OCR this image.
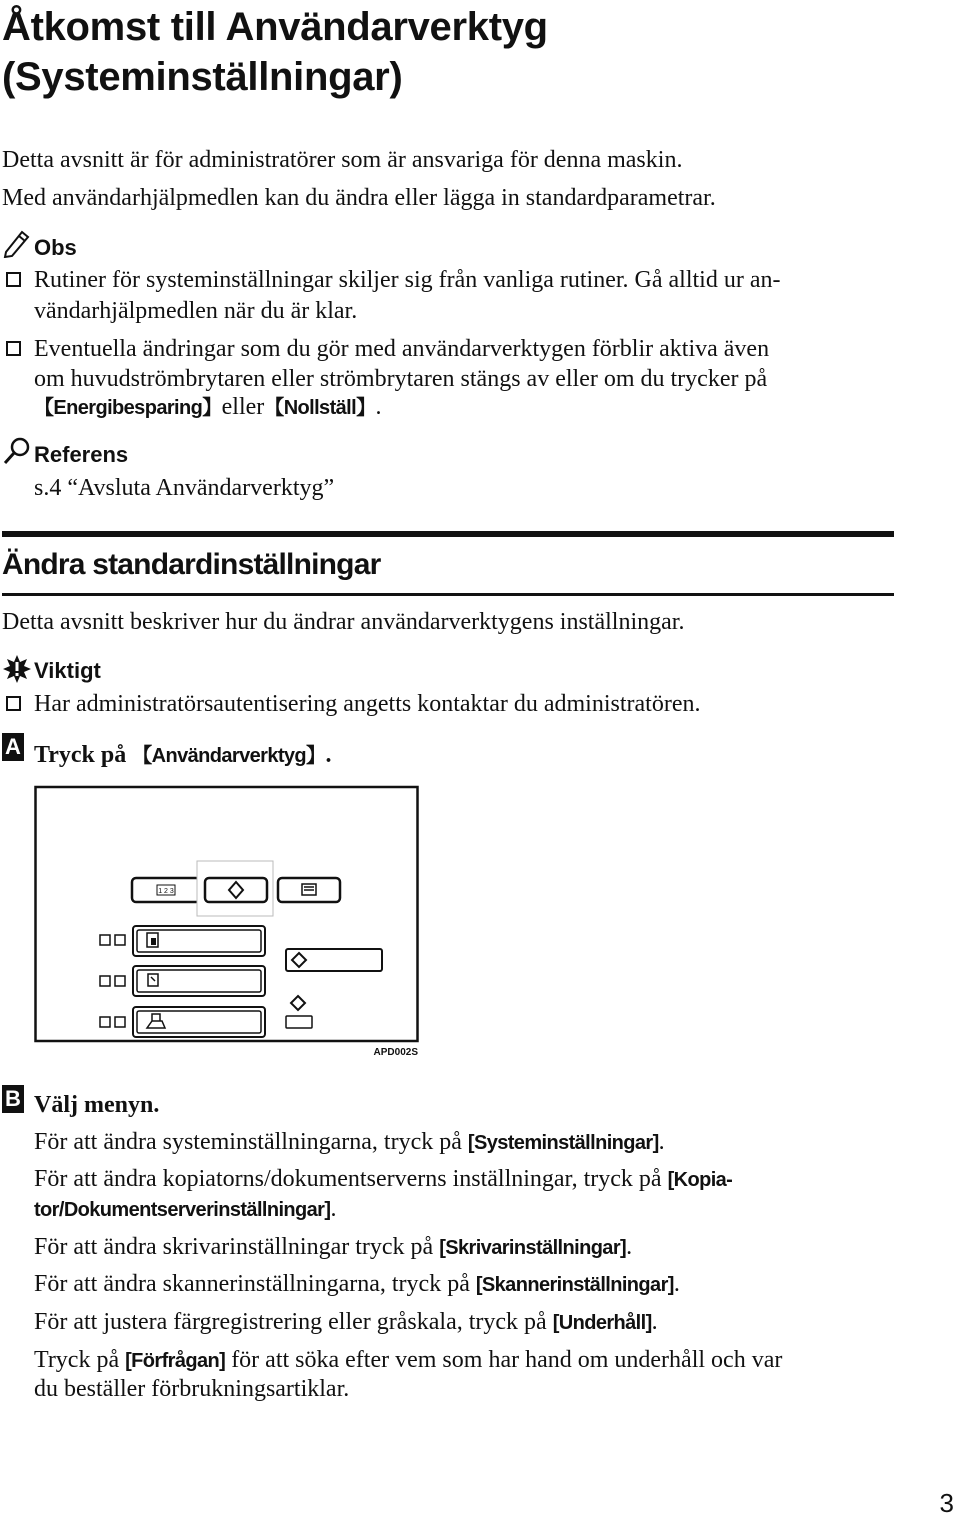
Åtkomst till Användarverktyg
(Systeminställningar)
Detta avsnitt är för administratörer som är ansvariga för denna maskin.
Med användarhjälpmedlen kan du ändra eller lägga in standardparametrar.
Obs
Rutiner för systeminställningar skiljer sig från vanliga rutiner. Gå alltid ur an-
vändarhjälpmedlen när du är klar.
Eventuella ändringar som du gör med användarverktygen förblir aktiva även
om huvudströmbrytaren eller strömbrytaren stängs av eller om du trycker på
【Energibesparing】eller【Nollställ】.
Referens
s.4 “Avsluta Användarverktyg”
Ändra standardinställningar
Detta avsnitt beskriver hur du ändrar användarverktygens inställningar.
Viktigt
Har administratörsautentisering angetts kontaktar du administratören.
A Tryck på 【Användarverktyg】.
1 2 3
APD002S
B Välj menyn.
För att ändra systeminställningarna, tryck på [Systeminställningar].
För att ändra kopiatorns/dokumentserverns inställningar, tryck på [Kopia-
tor/Dokumentserverinställningar].
För att ändra skrivarinställningar tryck på [Skrivarinställningar].
För att ändra skannerinställningarna, tryck på [Skannerinställningar].
För att justera färgregistrering eller gråskala, tryck på [Underhåll].
Tryck på [Förfrågan] för att söka efter vem som har hand om underhåll och var
du beställer förbrukningsartiklar.
3
